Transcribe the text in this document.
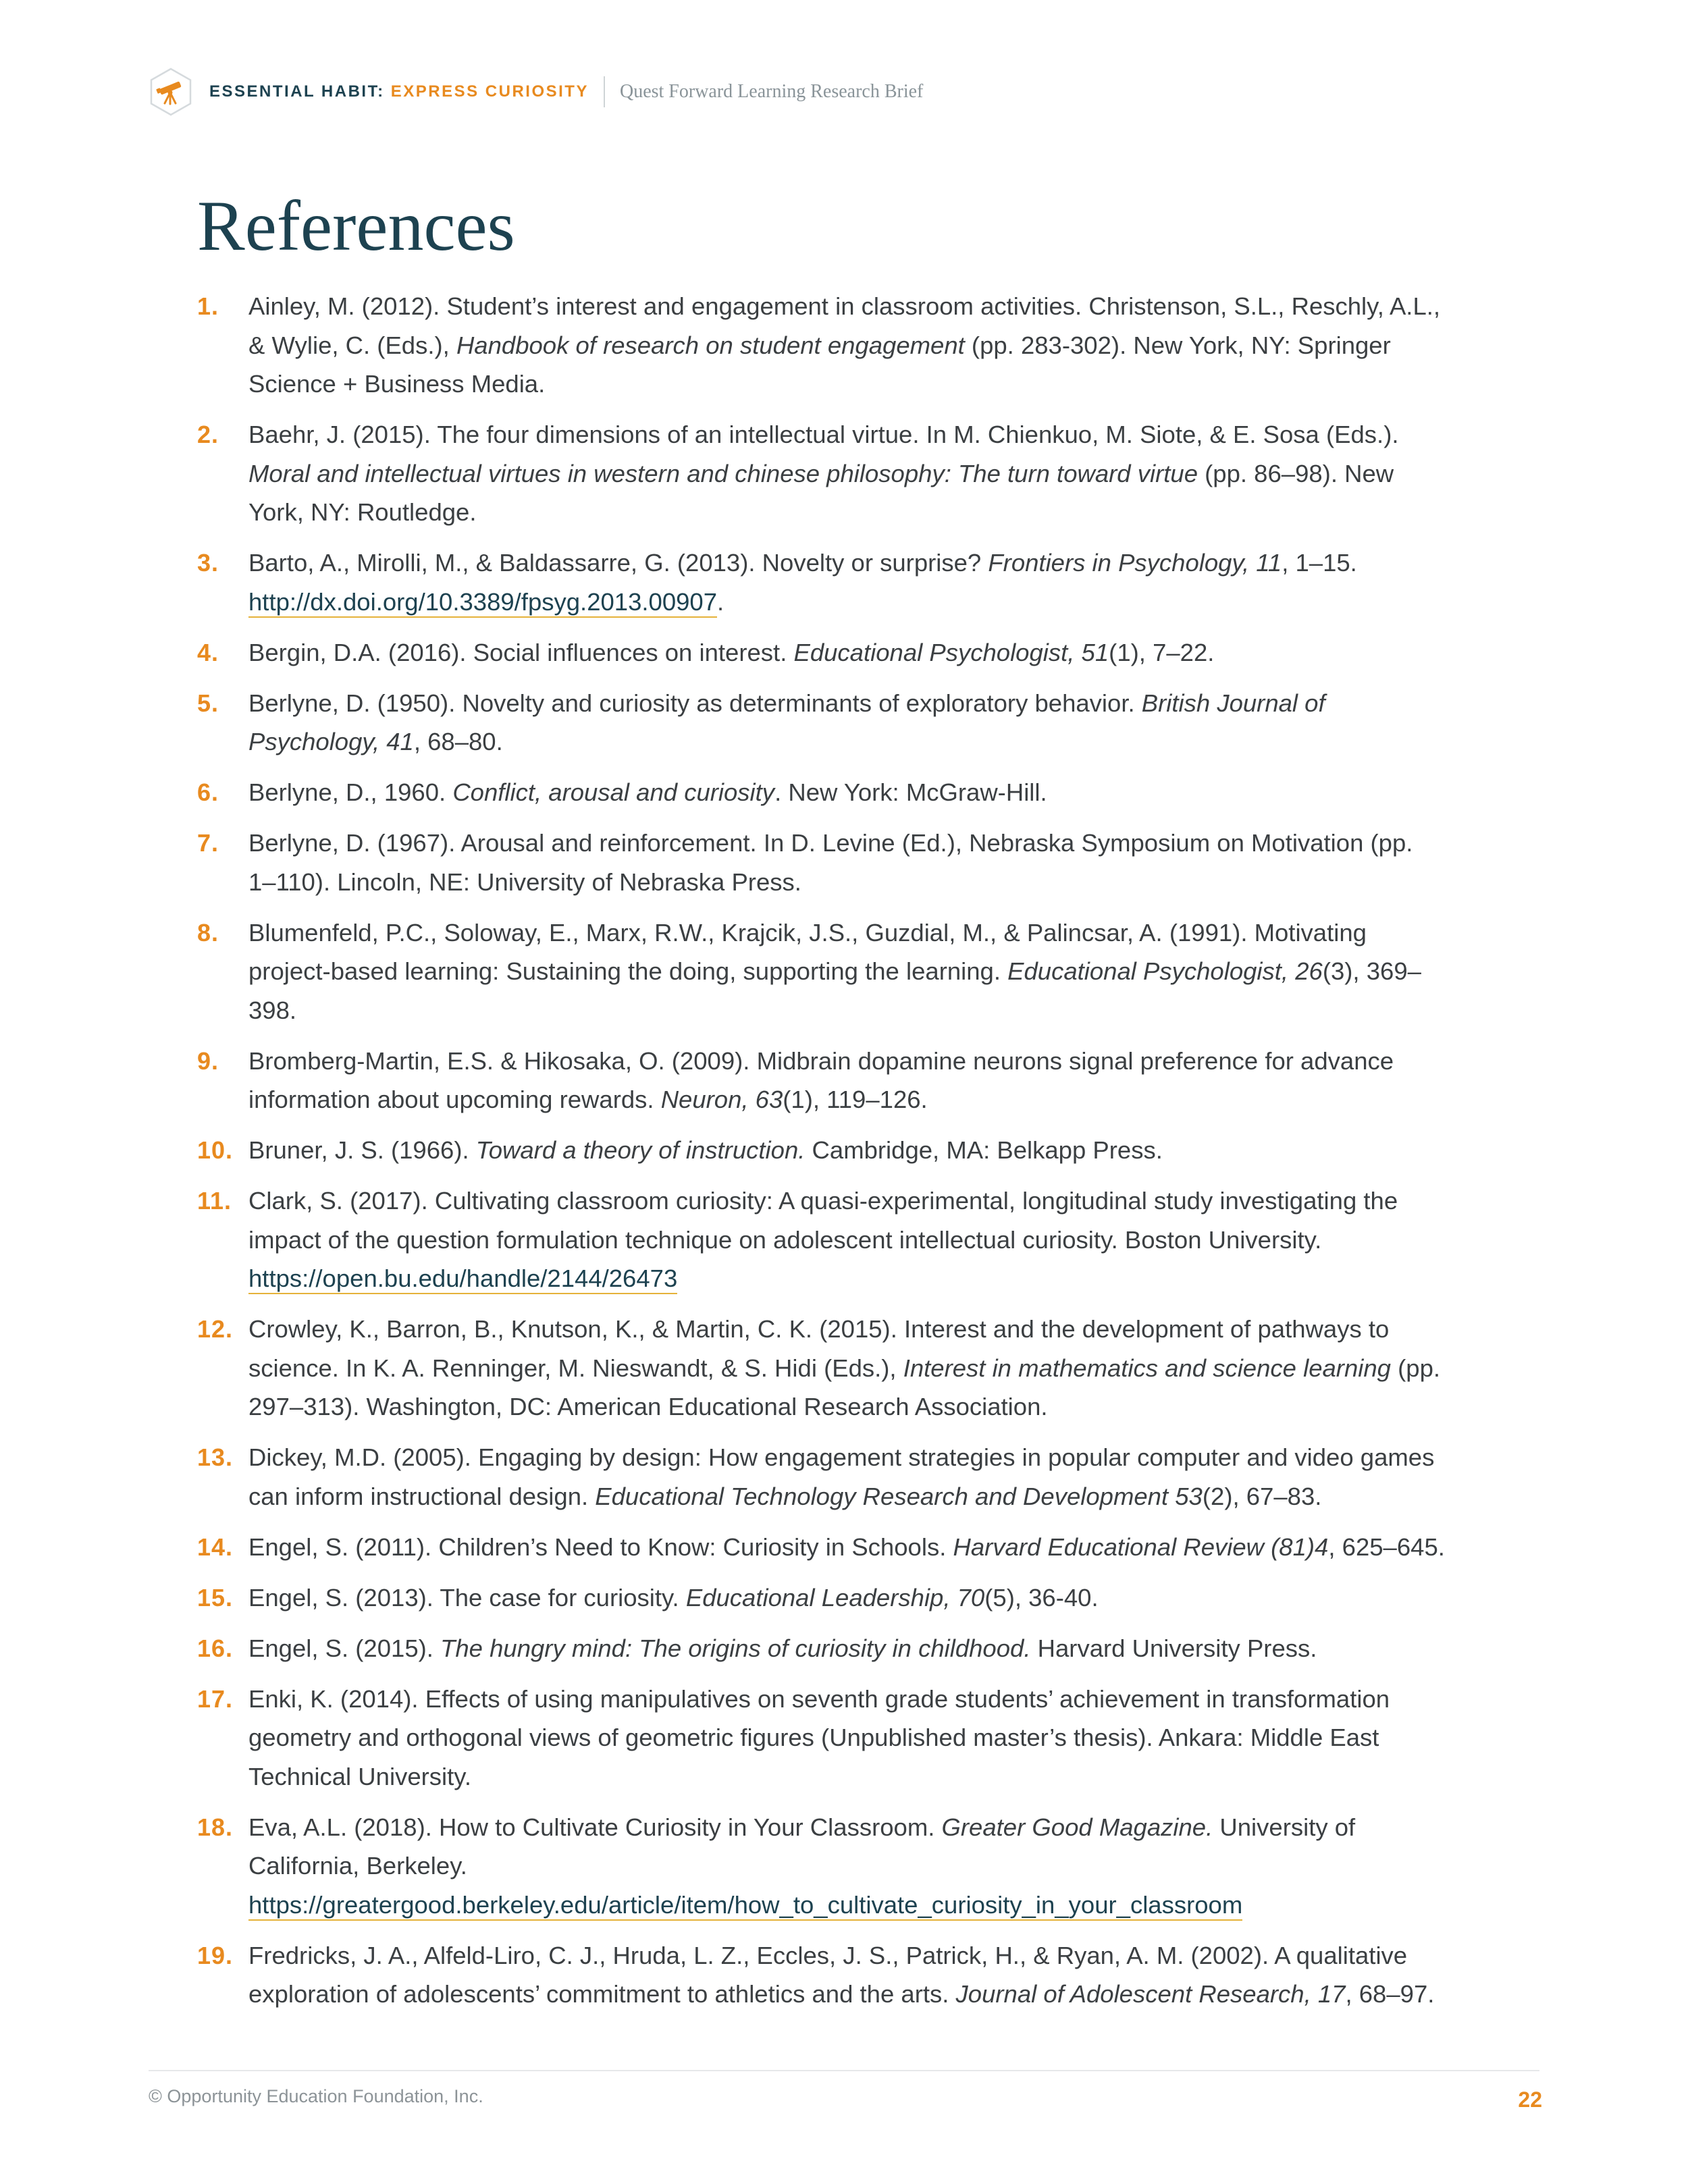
ESSENTIAL HABIT: EXPRESS CURIOSITY Quest Forward Learning Research Brief
References
1. Ainley, M. (2012). Student’s interest and engagement in classroom activities. Christenson, S.L., Reschly, A.L., & Wylie, C. (Eds.), Handbook of research on student engagement (pp. 283-302). New York, NY: Springer Science + Business Media.
2. Baehr, J. (2015). The four dimensions of an intellectual virtue. In M. Chienkuo, M. Siote, & E. Sosa (Eds.). Moral and intellectual virtues in western and chinese philosophy: The turn toward virtue (pp. 86–98). New York, NY: Routledge.
3. Barto, A., Mirolli, M., & Baldassarre, G. (2013). Novelty or surprise? Frontiers in Psychology, 11, 1–15. http://dx.doi.org/10.3389/fpsyg.2013.00907.
4. Bergin, D.A. (2016). Social influences on interest. Educational Psychologist, 51(1), 7–22.
5. Berlyne, D. (1950). Novelty and curiosity as determinants of exploratory behavior. British Journal of Psychology, 41, 68–80.
6. Berlyne, D., 1960. Conflict, arousal and curiosity. New York: McGraw-Hill.
7. Berlyne, D. (1967). Arousal and reinforcement. In D. Levine (Ed.), Nebraska Symposium on Motivation (pp. 1–110). Lincoln, NE: University of Nebraska Press.
8. Blumenfeld, P.C., Soloway, E., Marx, R.W., Krajcik, J.S., Guzdial, M., & Palincsar, A. (1991). Motivating project-based learning: Sustaining the doing, supporting the learning. Educational Psychologist, 26(3), 369–398.
9. Bromberg-Martin, E.S. & Hikosaka, O. (2009). Midbrain dopamine neurons signal preference for advance information about upcoming rewards. Neuron, 63(1), 119–126.
10. Bruner, J. S. (1966). Toward a theory of instruction. Cambridge, MA: Belkapp Press.
11. Clark, S. (2017). Cultivating classroom curiosity: A quasi-experimental, longitudinal study investigating the impact of the question formulation technique on adolescent intellectual curiosity. Boston University. https://open.bu.edu/handle/2144/26473
12. Crowley, K., Barron, B., Knutson, K., & Martin, C. K. (2015). Interest and the development of pathways to science. In K. A. Renninger, M. Nieswandt, & S. Hidi (Eds.), Interest in mathematics and science learning (pp. 297–313). Washington, DC: American Educational Research Association.
13. Dickey, M.D. (2005). Engaging by design: How engagement strategies in popular computer and video games can inform instructional design. Educational Technology Research and Development 53(2), 67–83.
14. Engel, S. (2011). Children’s Need to Know: Curiosity in Schools. Harvard Educational Review (81)4, 625–645.
15. Engel, S. (2013). The case for curiosity. Educational Leadership, 70(5), 36-40.
16. Engel, S. (2015). The hungry mind: The origins of curiosity in childhood. Harvard University Press.
17. Enki, K. (2014). Effects of using manipulatives on seventh grade students’ achievement in transformation geometry and orthogonal views of geometric figures (Unpublished master’s thesis). Ankara: Middle East Technical University.
18. Eva, A.L. (2018). How to Cultivate Curiosity in Your Classroom. Greater Good Magazine. University of California, Berkeley. https://greatergood.berkeley.edu/article/item/how_to_cultivate_curiosity_in_your_classroom
19. Fredricks, J. A., Alfeld-Liro, C. J., Hruda, L. Z., Eccles, J. S., Patrick, H., & Ryan, A. M. (2002). A qualitative exploration of adolescents’ commitment to athletics and the arts. Journal of Adolescent Research, 17, 68–97.
© Opportunity Education Foundation, Inc.	22
